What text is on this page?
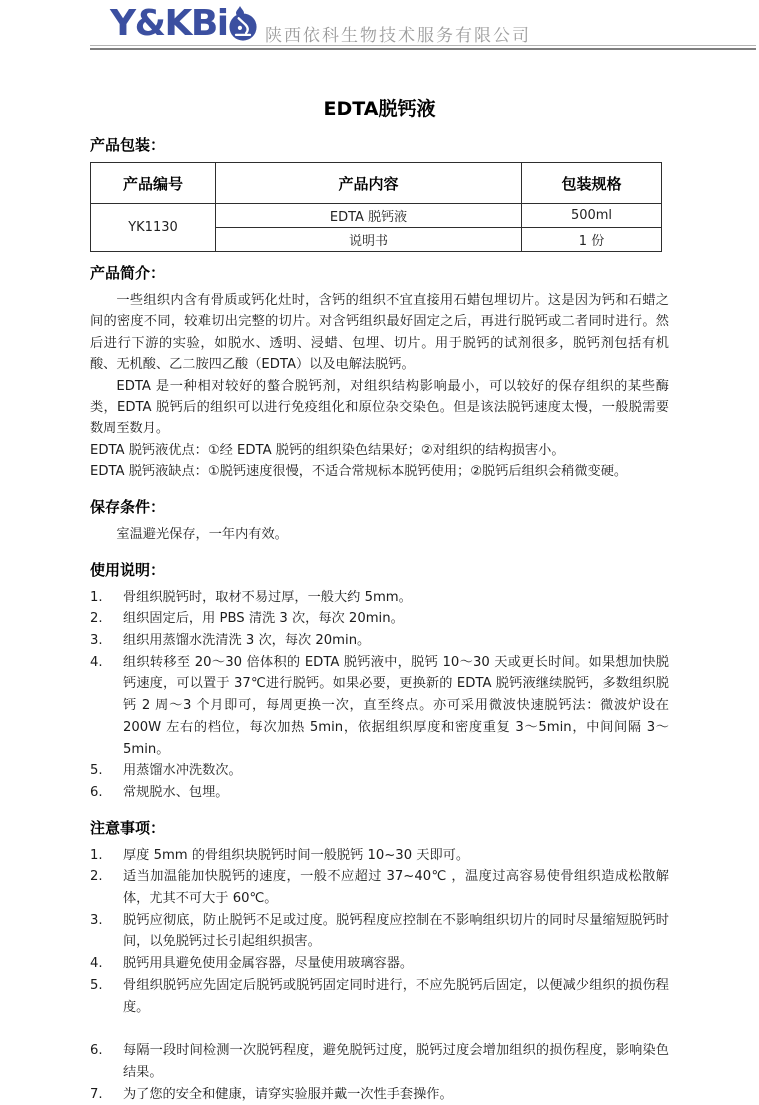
Y&KBi 陕西依科生物技术服务有限公司
EDTA脱钙液
产品包装：
产品编号	产品内容	包装规格
YK1130	EDTA 脱钙液	500ml
	说明书	1 份
产品简介：

一些组织内含有骨质或钙化灶时，含钙的组织不宜直接用石蜡包埋切片。这是因为钙和石蜡之间的密度不同，较难切出完整的切片。对含钙组织最好固定之后，再进行脱钙或二者同时进行。然后进行下游的实验，如脱水、透明、浸蜡、包埋、切片。用于脱钙的试剂很多，脱钙剂包括有机酸、无机酸、乙二胺四乙酸（EDTA）以及电解法脱钙。

EDTA 是一种相对较好的螯合脱钙剂，对组织结构影响最小，可以较好的保存组织的某些酶类，EDTA 脱钙后的组织可以进行免疫组化和原位杂交染色。但是该法脱钙速度太慢，一般脱需要数周至数月。

EDTA 脱钙液优点：①经 EDTA 脱钙的组织染色结果好；②对组织的结构损害小。

EDTA 脱钙液缺点：①脱钙速度很慢，不适合常规标本脱钙使用；②脱钙后组织会稍微变硬。

保存条件：

室温避光保存，一年内有效。

使用说明：
1.	骨组织脱钙时，取材不易过厚，一般大约 5mm。
2.	组织固定后，用 PBS 清洗 3 次，每次 20min。
3.	组织用蒸馏水洗清洗 3 次，每次 20min。
4.	组织转移至 20～30 倍体积的 EDTA 脱钙液中，脱钙 10～30 天或更长时间。如果想加快脱钙速度，可以置于 37℃进行脱钙。如果必要，更换新的 EDTA 脱钙液继续脱钙，多数组织脱钙 2 周～3 个月即可，每周更换一次，直至终点。亦可采用微波快速脱钙法：微波炉设在 200W 左右的档位，每次加热 5min，依据组织厚度和密度重复 3～5min，中间间隔 3～5min。
5.	用蒸馏水冲洗数次。
6.	常规脱水、包埋。
注意事项：
1.	厚度 5mm 的骨组织块脱钙时间一般脱钙 10~30 天即可。
2.	适当加温能加快脱钙的速度，一般不应超过 37~40℃ ，温度过高容易使骨组织造成松散解体，尤其不可大于 60℃。
3.	脱钙应彻底，防止脱钙不足或过度。脱钙程度应控制在不影响组织切片的同时尽量缩短脱钙时间，以免脱钙过长引起组织损害。
4.	脱钙用具避免使用金属容器，尽量使用玻璃容器。
5.	骨组织脱钙应先固定后脱钙或脱钙固定同时进行，不应先脱钙后固定，以便减少组织的损伤程度。
6.	每隔一段时间检测一次脱钙程度，避免脱钙过度，脱钙过度会增加组织的损伤程度，影响染色结果。
7.	为了您的安全和健康，请穿实验服并戴一次性手套操作。
